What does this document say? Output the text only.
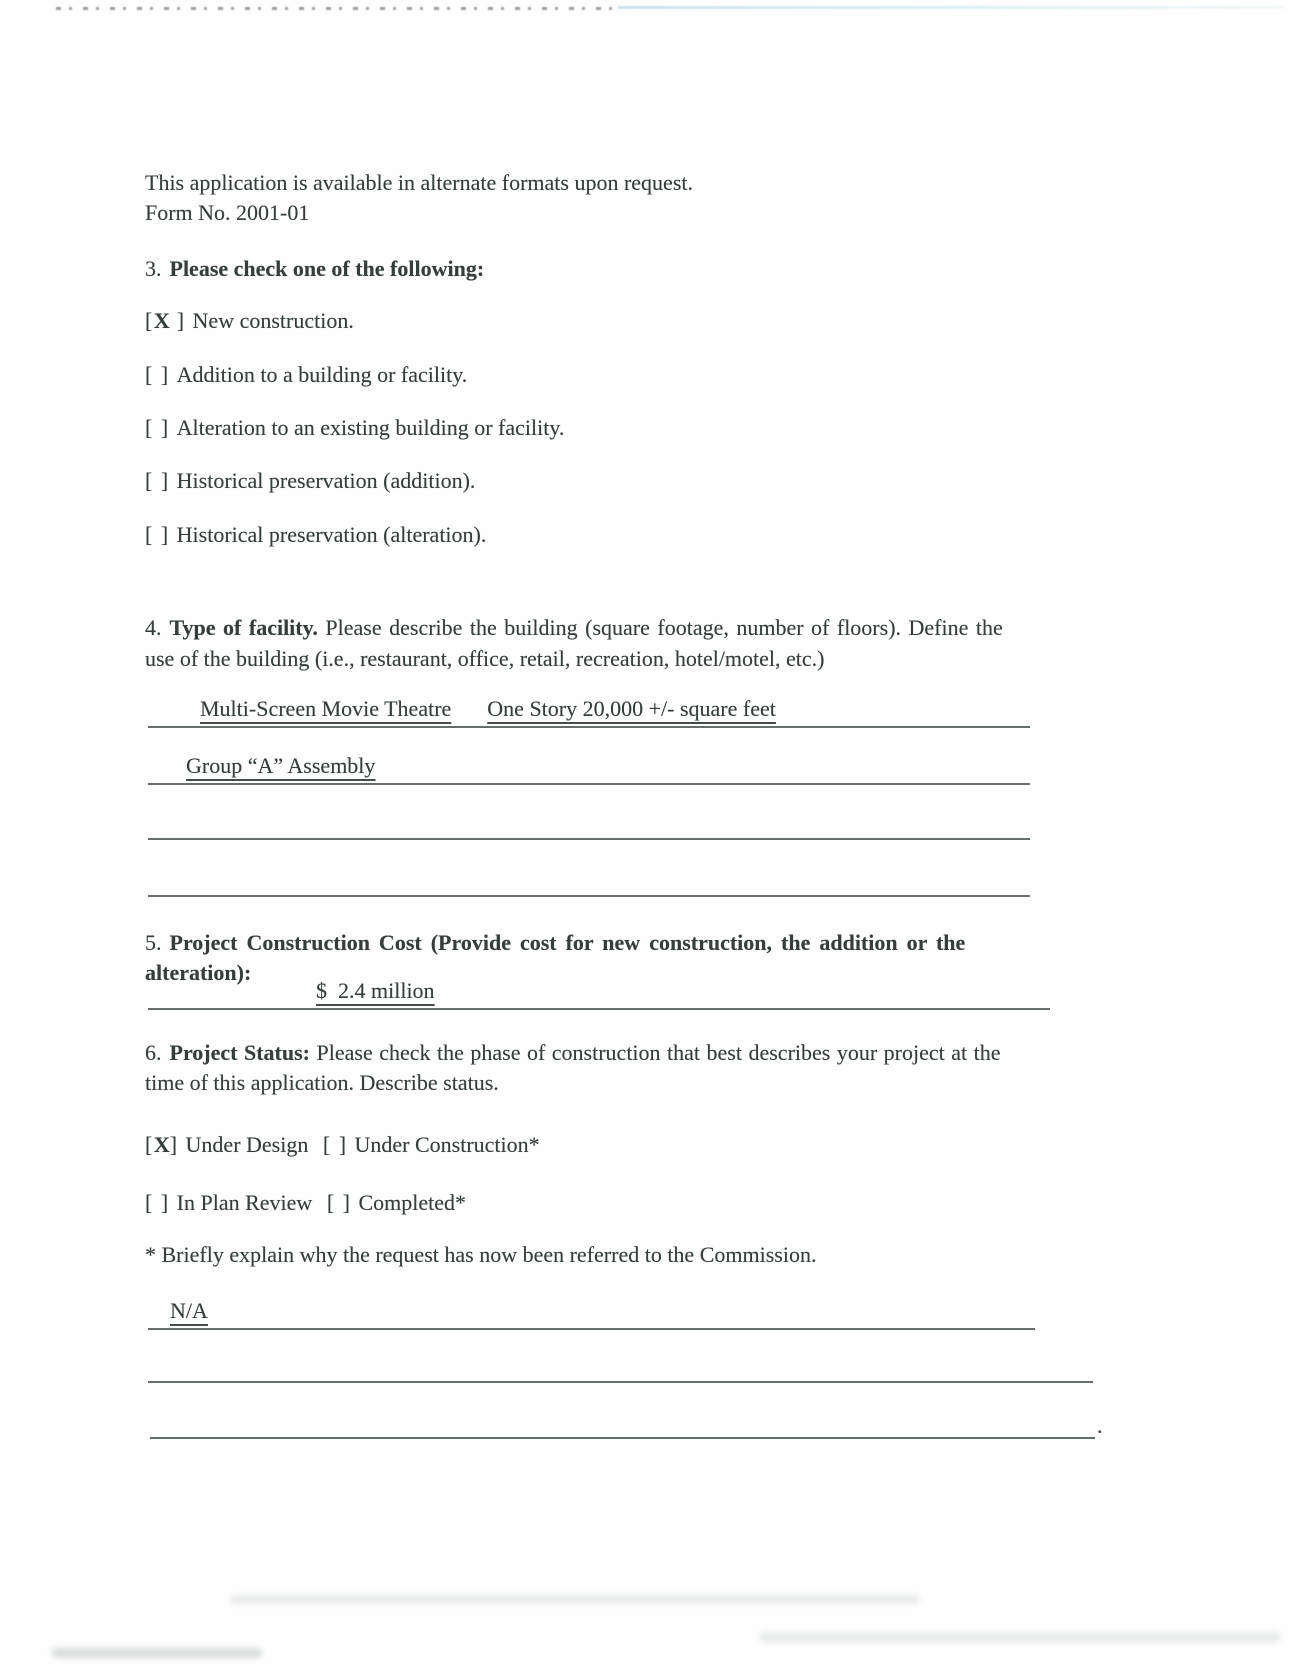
This application is available in alternate formats upon request.
Form No. 2001-01
3. Please check one of the following:
[X ] New construction.
[ ] Addition to a building or facility.
[ ] Alteration to an existing building or facility.
[ ] Historical preservation (addition).
[ ] Historical preservation (alteration).
4. Type of facility. Please describe the building (square footage, number of floors). Define the
use of the building (i.e., restaurant, office, retail, recreation, hotel/motel, etc.)
Multi-Screen Movie Theatre One Story 20,000 +/- square feet
Group “A” Assembly
5. Project Construction Cost (Provide cost for new construction, the addition or the
alteration):
$  2.4 million
6. Project Status: Please check the phase of construction that best describes your project at the
time of this application. Describe status.
[X] Under Design [ ] Under Construction*
[ ] In Plan Review [ ] Completed*
* Briefly explain why the request has now been referred to the Commission.
N/A
.
